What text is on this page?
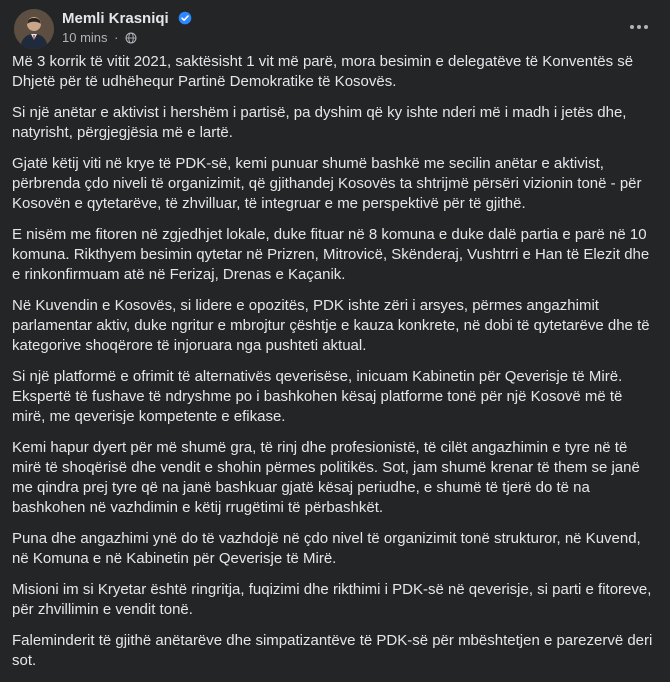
Memli Krasniqi
10 mins ·

Më 3 korrik të vitit 2021, saktësisht 1 vit më parë, mora besimin e delegatëve të Konventës së Dhjetë për të udhëhequr Partinë Demokratike të Kosovës.

Si një anëtar e aktivist i hershëm i partisë, pa dyshim që ky ishte nderi më i madh i jetës dhe, natyrisht, përgjegjësia më e lartë.

Gjatë këtij viti në krye të PDK-së, kemi punuar shumë bashkë me secilin anëtar e aktivist, përbrenda çdo niveli të organizimit, që gjithandej Kosovës ta shtrijmë përsëri vizionin tonë - për Kosovën e qytetarëve, të zhvilluar, të integruar e me perspektivë për të gjithë.

E nisëm me fitoren në zgjedhjet lokale, duke fituar në 8 komuna e duke dalë partia e parë në 10 komuna. Rikthyem besimin qytetar në Prizren, Mitrovicë, Skënderaj, Vushtrri e Han të Elezit dhe e rinkonfirmuam atë në Ferizaj, Drenas e Kaçanik.

Në Kuvendin e Kosovës, si lidere e opozitës, PDK ishte zëri i arsyes, përmes angazhimit parlamentar aktiv, duke ngritur e mbrojtur çështje e kauza konkrete, në dobi të qytetarëve dhe të kategorive shoqërore të injoruara nga pushteti aktual.

Si një platformë e ofrimit të alternativës qeverisëse, inicuam Kabinetin për Qeverisje të Mirë. Ekspertë të fushave të ndryshme po i bashkohen kësaj platforme tonë për një Kosovë më të mirë, me qeverisje kompetente e efikase.

Kemi hapur dyert për më shumë gra, të rinj dhe profesionistë, të cilët angazhimin e tyre në të mirë të shoqërisë dhe vendit e shohin përmes politikës. Sot, jam shumë krenar të them se janë me qindra prej tyre që na janë bashkuar gjatë kësaj periudhe, e shumë të tjerë do të na bashkohen në vazhdimin e këtij rrugëtimi të përbashkët.

Puna dhe angazhimi ynë do të vazhdojë në çdo nivel të organizimit tonë strukturor, në Kuvend, në Komuna e në Kabinetin për Qeverisje të Mirë.

Misioni im si Kryetar është ringritja, fuqizimi dhe rikthimi i PDK-së në qeverisje, si parti e fitoreve, për zhvillimin e vendit tonë.

Faleminderit të gjithë anëtarëve dhe simpatizantëve të PDK-së për mbështetjen e parezervë deri sot.
